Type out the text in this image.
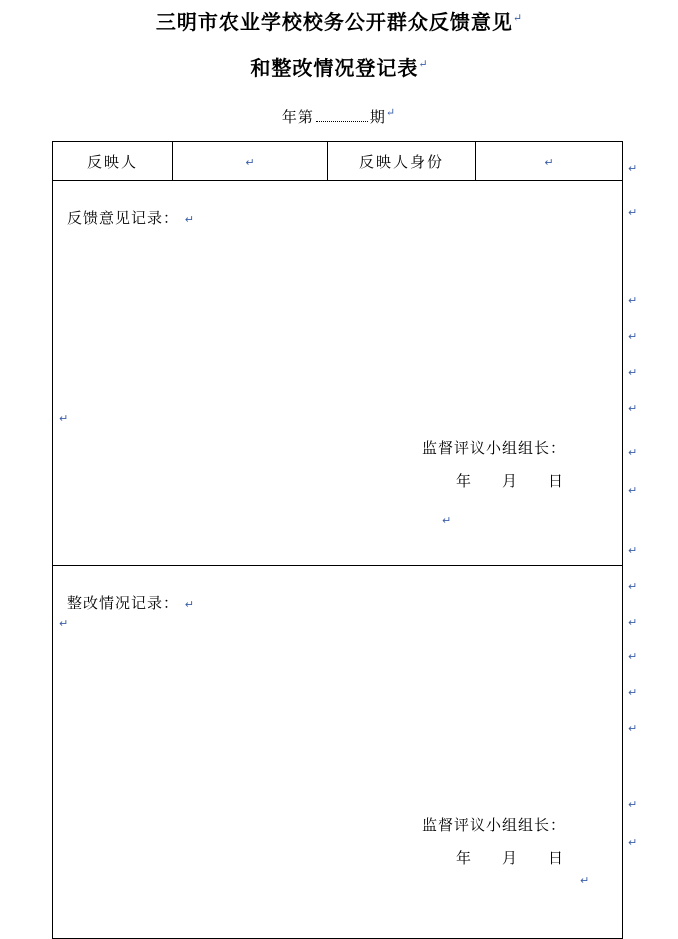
三明市农业学校校务公开群众反馈意见↵
和整改情况登记表↵
年第	期↵
反映人	↵	反映人身份	↵

反馈意见记录： ↵
↵
监督评议小组组长：
年 月 日

整改情况记录： ↵
↵
监督评议小组组长：
年 月 日
↵
↵
↵
↵
↵
↵
↵
↵
↵
↵
↵
↵
↵
↵
↵
↵
↵
↵
